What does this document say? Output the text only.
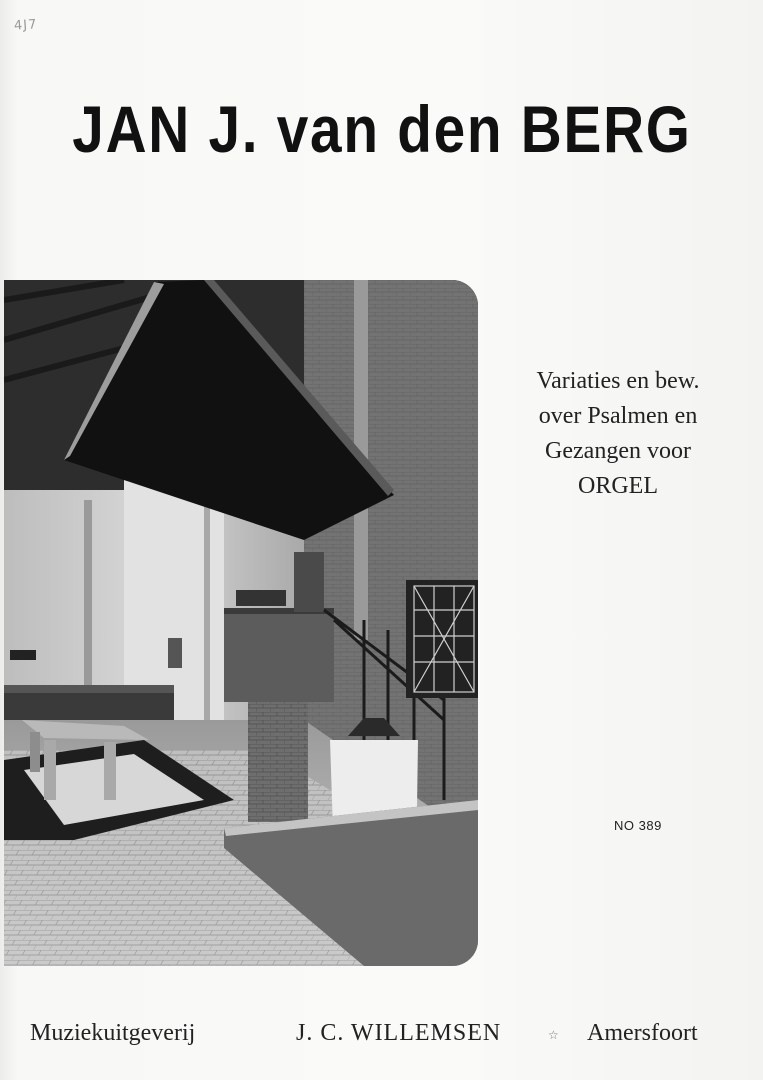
4J7
JAN J. van den BERG
Variaties en bew.
over Psalmen en
Gezangen voor
ORGEL
NO 389
Muziekuitgeverij	J. C. WILLEMSEN	☆ Amersfoort
